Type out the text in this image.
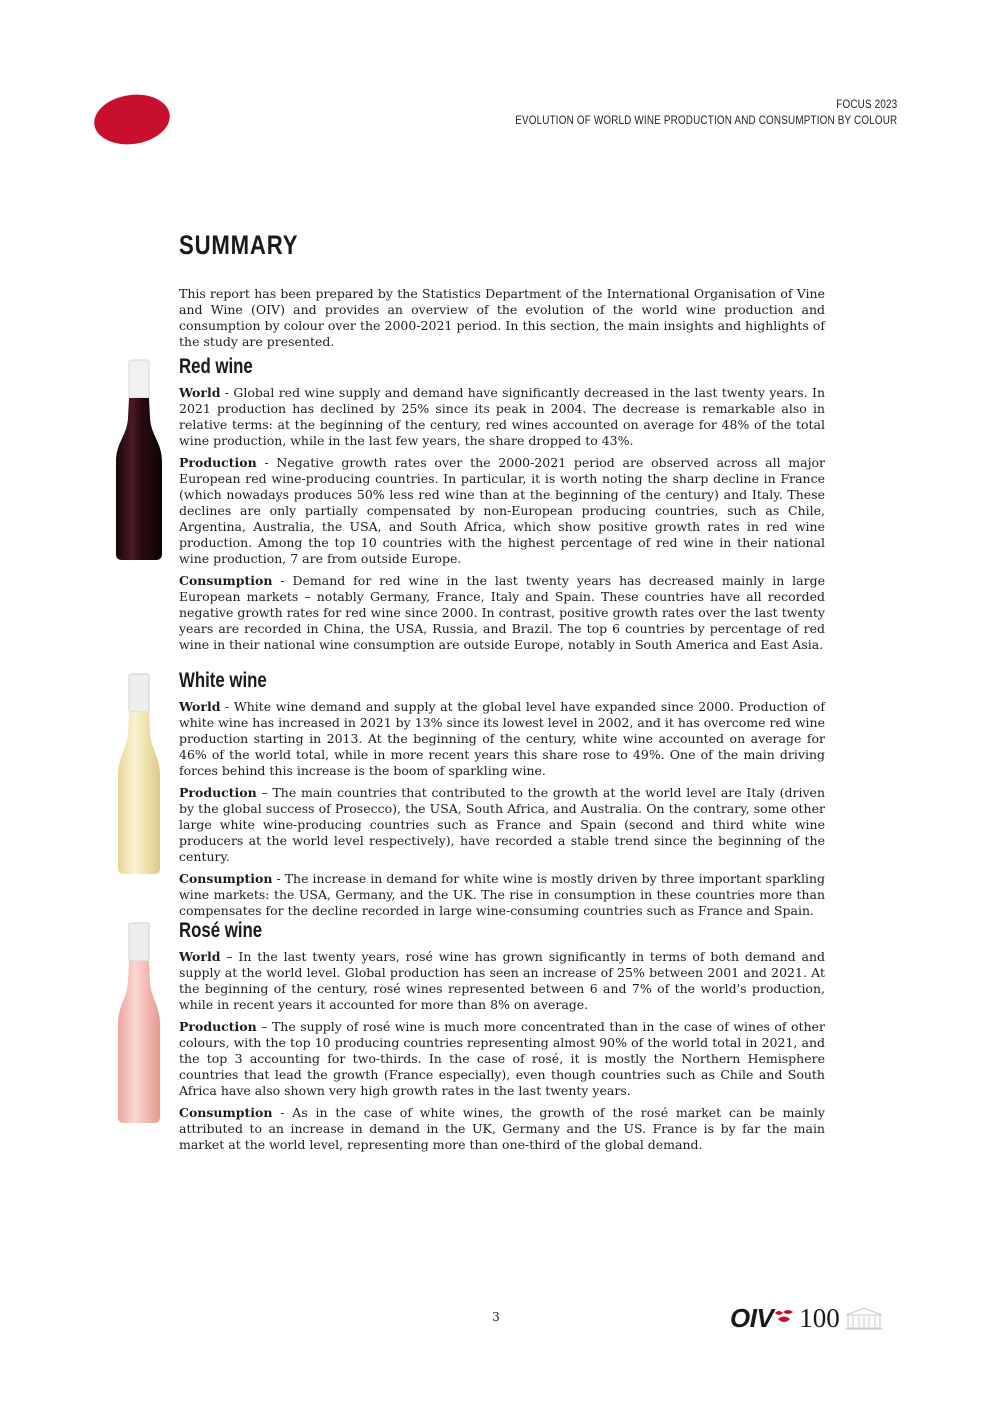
FOCUS 2023
EVOLUTION OF WORLD WINE PRODUCTION AND CONSUMPTION BY COLOUR
SUMMARY

This report has been prepared by the Statistics Department of the International Organisation of Vine and Wine (OIV) and provides an overview of the evolution of the world wine production and consumption by colour over the 2000-2021 period. In this section, the main insights and highlights of the study are presented.

Red wine

World - Global red wine supply and demand have significantly decreased in the last twenty years. In 2021 production has declined by 25% since its peak in 2004. The decrease is remarkable also in relative terms: at the beginning of the century, red wines accounted on average for 48% of the total wine production, while in the last few years, the share dropped to 43%.

Production - Negative growth rates over the 2000-2021 period are observed across all major European red wine-producing countries. In particular, it is worth noting the sharp decline in France (which nowadays produces 50% less red wine than at the beginning of the century) and Italy. These declines are only partially compensated by non-European producing countries, such as Chile, Argentina, Australia, the USA, and South Africa, which show positive growth rates in red wine production. Among the top 10 countries with the highest percentage of red wine in their national wine production, 7 are from outside Europe.

Consumption - Demand for red wine in the last twenty years has decreased mainly in large European markets – notably Germany, France, Italy and Spain. These countries have all recorded negative growth rates for red wine since 2000. In contrast, positive growth rates over the last twenty years are recorded in China, the USA, Russia, and Brazil. The top 6 countries by percentage of red wine in their national wine consumption are outside Europe, notably in South America and East Asia.

White wine

World - White wine demand and supply at the global level have expanded since 2000. Production of white wine has increased in 2021 by 13% since its lowest level in 2002, and it has overcome red wine production starting in 2013. At the beginning of the century, white wine accounted on average for 46% of the world total, while in more recent years this share rose to 49%. One of the main driving forces behind this increase is the boom of sparkling wine.

Production – The main countries that contributed to the growth at the world level are Italy (driven by the global success of Prosecco), the USA, South Africa, and Australia. On the contrary, some other large white wine-producing countries such as France and Spain (second and third white wine producers at the world level respectively), have recorded a stable trend since the beginning of the century.

Consumption - The increase in demand for white wine is mostly driven by three important sparkling wine markets: the USA, Germany, and the UK. The rise in consumption in these countries more than compensates for the decline recorded in large wine-consuming countries such as France and Spain.

Rosé wine

World – In the last twenty years, rosé wine has grown significantly in terms of both demand and supply at the world level. Global production has seen an increase of 25% between 2001 and 2021. At the beginning of the century, rosé wines represented between 6 and 7% of the world's production, while in recent years it accounted for more than 8% on average.

Production – The supply of rosé wine is much more concentrated than in the case of wines of other colours, with the top 10 producing countries representing almost 90% of the world total in 2021, and the top 3 accounting for two-thirds. In the case of rosé, it is mostly the Northern Hemisphere countries that lead the growth (France especially), even though countries such as Chile and South Africa have also shown very high growth rates in the last twenty years.

Consumption - As in the case of white wines, the growth of the rosé market can be mainly attributed to an increase in demand in the UK, Germany and the US. France is by far the main market at the world level, representing more than one-third of the global demand.

3	OIV 100
